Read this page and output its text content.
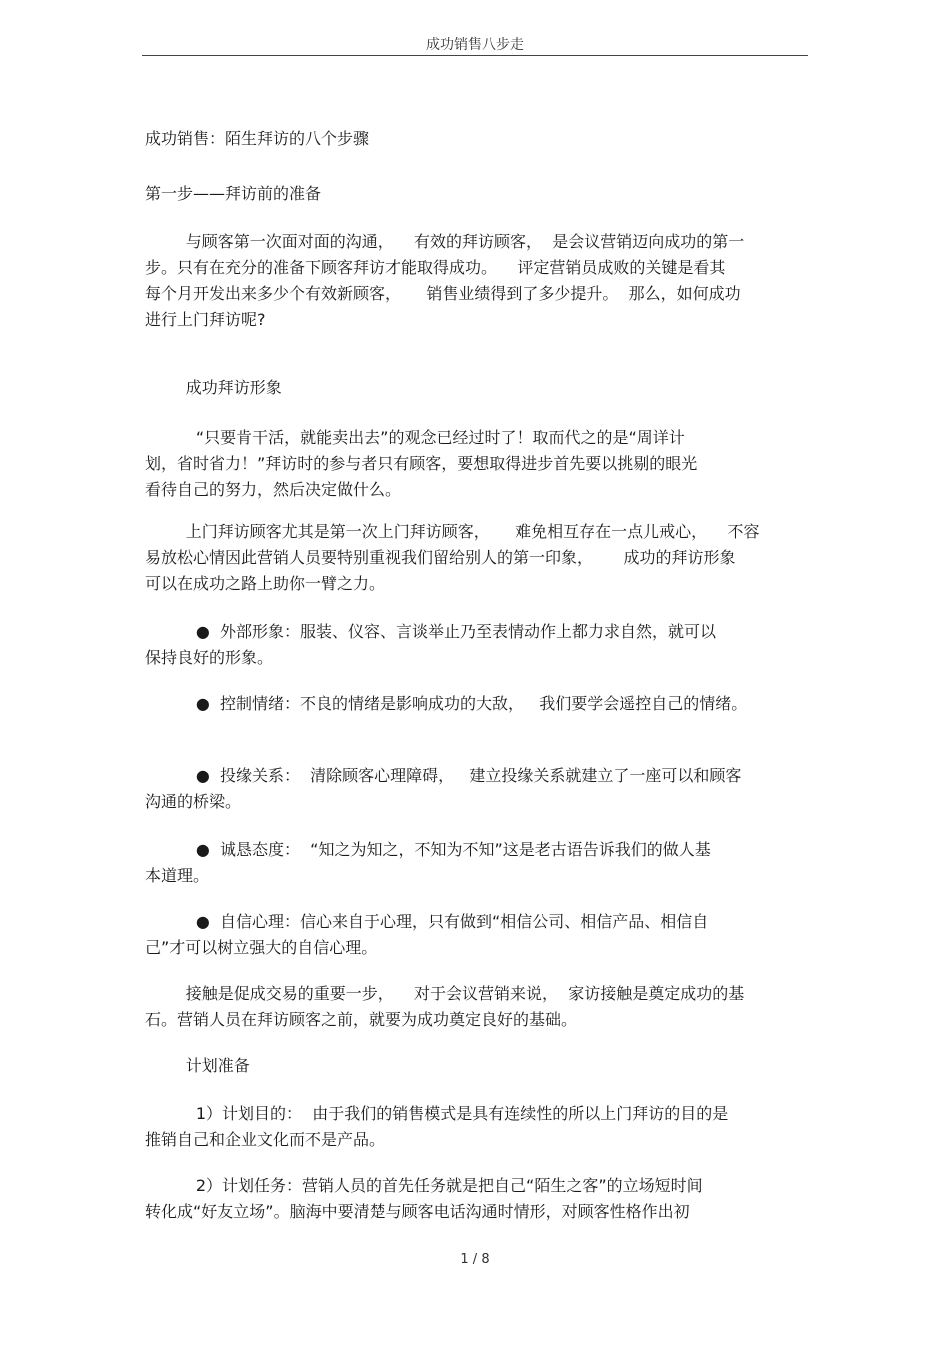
成功销售八步走
成功销售：陌生拜访的八个步骤
第一步——拜访前的准备
与顾客第一次面对面的沟通，    有效的拜访顾客，  是会议营销迈向成功的第一
步。只有在充分的准备下顾客拜访才能取得成功。    评定营销员成败的关键是看其
每个月开发出来多少个有效新顾客，     销售业绩得到了多少提升。  那么，如何成功
进行上门拜访呢?
成功拜访形象
“只要肯干活，就能卖出去”的观念已经过时了！取而代之的是“周详计
划，省时省力！”拜访时的参与者只有顾客，要想取得进步首先要以挑剔的眼光
看待自己的努力，然后决定做什么。
上门拜访顾客尤其是第一次上门拜访顾客，     难免相互存在一点儿戒心，    不容
易放松心情因此营销人员要特别重视我们留给别人的第一印象，      成功的拜访形象
可以在成功之路上助你一臂之力。
●  外部形象：服装、仪容、言谈举止乃至表情动作上都力求自然，就可以
保持良好的形象。
●  控制情绪：不良的情绪是影响成功的大敌，   我们要学会遥控自己的情绪。
●  投缘关系：  清除顾客心理障碍，   建立投缘关系就建立了一座可以和顾客
沟通的桥梁。
●  诚恳态度：  “知之为知之，不知为不知”这是老古语告诉我们的做人基
本道理。
●  自信心理：信心来自于心理，只有做到“相信公司、相信产品、相信自
己”才可以树立强大的自信心理。
接触是促成交易的重要一步，    对于会议营销来说，  家访接触是奠定成功的基
石。营销人员在拜访顾客之前，就要为成功奠定良好的基础。
计划准备
1）计划目的：  由于我们的销售模式是具有连续性的所以上门拜访的目的是
推销自己和企业文化而不是产品。
2）计划任务：营销人员的首先任务就是把自己“陌生之客”的立场短时间
转化成“好友立场”。脑海中要清楚与顾客电话沟通时情形，对顾客性格作出初
1 / 8
